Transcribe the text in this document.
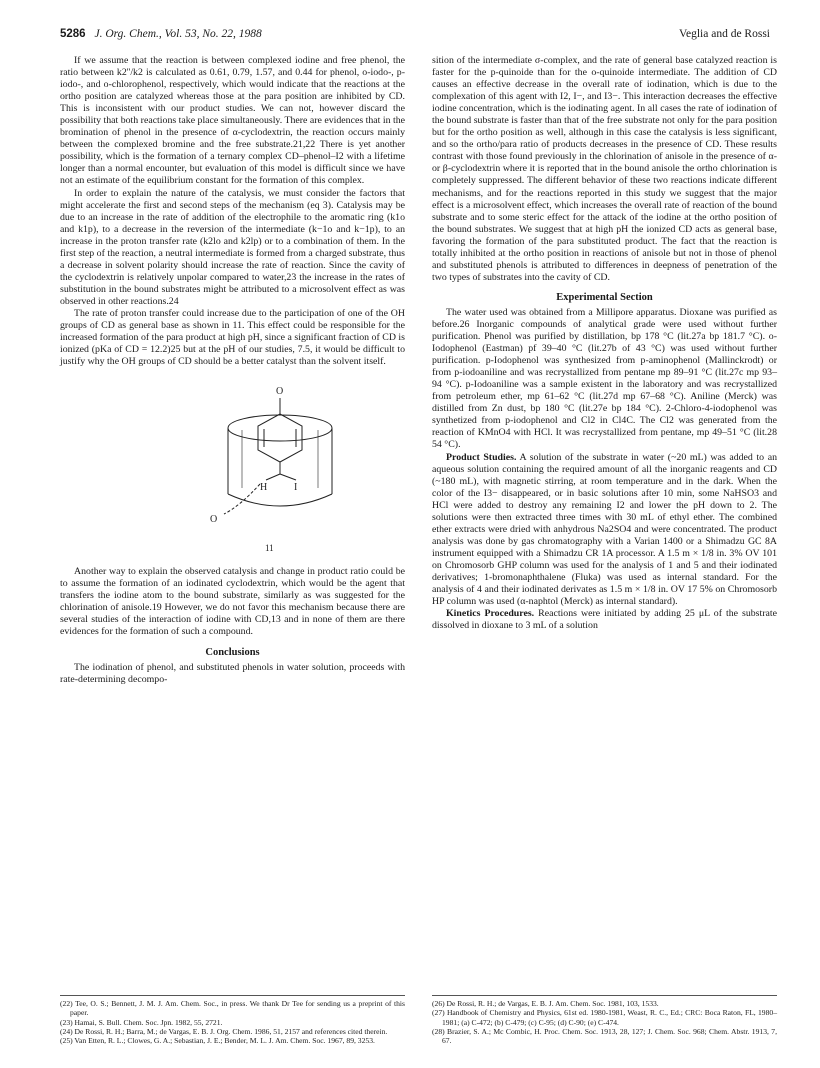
5286 J. Org. Chem., Vol. 53, No. 22, 1988	Veglia and de Rossi

If we assume that the reaction is between complexed iodine and free phenol, the ratio between k2''/k2 is calculated as 0.61, 0.79, 1.57, and 0.44 for phenol, o-iodo-, p-iodo-, and o-chlorophenol, respectively, which would indicate that the reactions at the ortho position are catalyzed whereas those at the para position are inhibited by CD. This is inconsistent with our product studies. We can not, however discard the possibility that both reactions take place simultaneously. There are evidences that in the bromination of phenol in the presence of α-cyclodextrin, the reaction occurs mainly between the complexed bromine and the free substrate.21,22 There is yet another possibility, which is the formation of a ternary complex CD–phenol–I2 with a lifetime longer than a normal encounter, but evaluation of this model is difficult since we have not an estimate of the equilibrium constant for the formation of this complex.

In order to explain the nature of the catalysis, we must consider the factors that might accelerate the first and second steps of the mechanism (eq 3). Catalysis may be due to an increase in the rate of addition of the electrophile to the aromatic ring (k1o and k1p), to a decrease in the reversion of the intermediate (k−1o and k−1p), to an increase in the proton transfer rate (k2lo and k2lp) or to a combination of them. In the first step of the reaction, a neutral intermediate is formed from a charged substrate, thus a decrease in solvent polarity should increase the rate of reaction. Since the cavity of the cyclodextrin is relatively unpolar compared to water,23 the increase in the rates of substitution in the bound substrates might be attributed to a microsolvent effect as was observed in other reactions.24

The rate of proton transfer could increase due to the participation of one of the OH groups of CD as general base as shown in 11. This effect could be responsible for the increased formation of the para product at high pH, since a significant fraction of CD is ionized (pKa of CD = 12.2)25 but at the pH of our studies, 7.5, it would be difficult to justify why the OH groups of CD should be a better catalyst than the solvent itself.

O
H	I
O
11

Another way to explain the observed catalysis and change in product ratio could be to assume the formation of an iodinated cyclodextrin, which would be the agent that transfers the iodine atom to the bound substrate, similarly as was suggested for the chlorination of anisole.19 However, we do not favor this mechanism because there are several studies of the interaction of iodine with CD,13 and in none of them are there evidences for the formation of such a compound.

Conclusions

The iodination of phenol, and substituted phenols in water solution, proceeds with rate-determining decompo-

sition of the intermediate σ-complex, and the rate of general base catalyzed reaction is faster for the p-quinoide than for the o-quinoide intermediate. The addition of CD causes an effective decrease in the overall rate of iodination, which is due to the complexation of this agent with I2, I−, and I3−. This interaction decreases the effective iodine concentration, which is the iodinating agent. In all cases the rate of iodination of the bound substrate is faster than that of the free substrate not only for the para position but for the ortho position as well, although in this case the catalysis is less significant, and so the ortho/para ratio of products decreases in the presence of CD. These results contrast with those found previously in the chlorination of anisole in the presence of α- or β-cyclodextrin where it is reported that in the bound anisole the ortho chlorination is completely suppressed. The different behavior of these two reactions indicate different mechanisms, and for the reactions reported in this study we suggest that the major effect is a microsolvent effect, which increases the overall rate of reaction of the bound substrate and to some steric effect for the attack of the iodine at the ortho position of the bound substrates. We suggest that at high pH the ionized CD acts as general base, favoring the formation of the para substituted product. The fact that the reaction is totally inhibited at the ortho position in reactions of anisole but not in those of phenol and substituted phenols is attributed to differences in deepness of penetration of the two types of substrates into the cavity of CD.

Experimental Section

The water used was obtained from a Millipore apparatus. Dioxane was purified as before.26 Inorganic compounds of analytical grade were used without further purification. Phenol was purified by distillation, bp 178 °C (lit.27a bp 181.7 °C). o-Iodophenol (Eastman) pf 39–40 °C (lit.27b of 43 °C) was used without further purification. p-Iodophenol was synthesized from p-aminophenol (Mallinckrodt) or from p-iodoaniline and was recrystallized from pentane mp 89–91 °C (lit.27c mp 93–94 °C). p-Iodoaniline was a sample existent in the laboratory and was recrystallized from petroleum ether, mp 61–62 °C (lit.27d mp 67–68 °C). Aniline (Merck) was distilled from Zn dust, bp 180 °C (lit.27e bp 184 °C). 2-Chloro-4-iodophenol was synthetized from p-iodophenol and Cl2 in Cl4C. The Cl2 was generated from the reaction of KMnO4 with HCl. It was recrystallized from pentane, mp 49–51 °C (lit.28 54 °C).

Product Studies. A solution of the substrate in water (~20 mL) was added to an aqueous solution containing the required amount of all the inorganic reagents and CD (~180 mL), with magnetic stirring, at room temperature and in the dark. When the color of the I3− disappeared, or in basic solutions after 10 min, some NaHSO3 and HCl were added to destroy any remaining I2 and lower the pH down to 2. The solutions were then extracted three times with 30 mL of ethyl ether. The combined ether extracts were dried with anhydrous Na2SO4 and were concentrated. The product analysis was done by gas chromatography with a Varian 1400 or a Shimadzu GC 8A instrument equipped with a Shimadzu CR 1A processor. A 1.5 m × 1/8 in. 3% OV 101 on Chromosorb GHP column was used for the analysis of 1 and 5 and their iodinated derivatives; 1-bromonaphthalene (Fluka) was used as internal standard. For the analysis of 4 and their iodinated derivates as 1.5 m × 1/8 in. OV 17 5% on Chromosorb HP column was used (α-naphtol (Merck) as internal standard).

Kinetics Procedures. Reactions were initiated by adding 25 μL of the substrate dissolved in dioxane to 3 mL of a solution

(22) Tee, O. S.; Bennett, J. M. J. Am. Chem. Soc., in press. We thank Dr Tee for sending us a preprint of this paper.

(23) Hamai, S. Bull. Chem. Soc. Jpn. 1982, 55, 2721.

(24) De Rossi, R. H.; Barra, M.; de Vargas, E. B. J. Org. Chem. 1986, 51, 2157 and references cited therein.

(25) Van Etten, R. L.; Clowes, G. A.; Sebastian, J. E.; Bender, M. L. J. Am. Chem. Soc. 1967, 89, 3253.

(26) De Rossi, R. H.; de Vargas, E. B. J. Am. Chem. Soc. 1981, 103, 1533.

(27) Handbook of Chemistry and Physics, 61st ed. 1980-1981, Weast, R. C., Ed.; CRC: Boca Raton, FL, 1980–1981; (a) C-472; (b) C-479; (c) C-95; (d) C-90; (e) C-474.

(28) Brazier, S. A.; Mc Combic, H. Proc. Chem. Soc. 1913, 28, 127; J. Chem. Soc. 968; Chem. Abstr. 1913, 7, 67.
